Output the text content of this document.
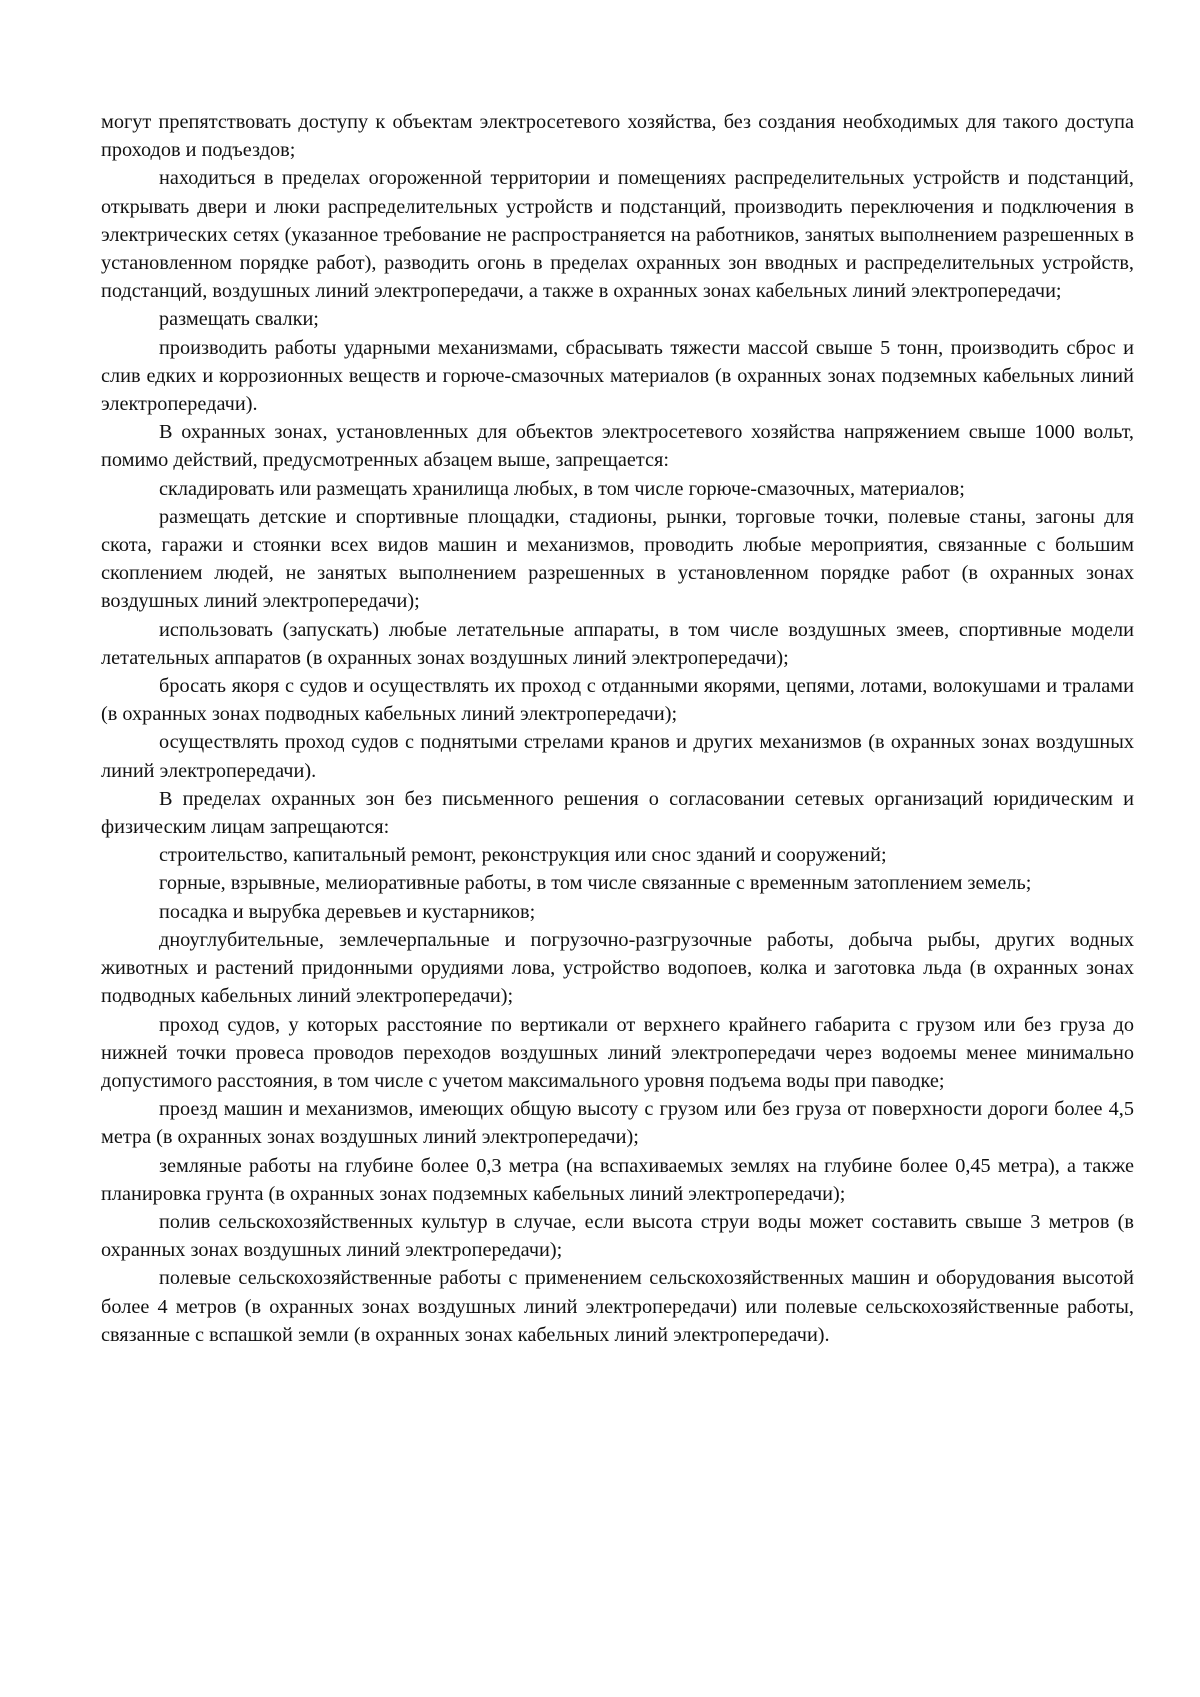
могут препятствовать доступу к объектам электросетевого хозяйства, без создания необходимых для такого доступа проходов и подъездов;

находиться в пределах огороженной территории и помещениях распределительных устройств и подстанций, открывать двери и люки распределительных устройств и подстанций, производить переключения и подключения в электрических сетях (указанное требование не распространяется на работников, занятых выполнением разрешенных в установленном порядке работ), разводить огонь в пределах охранных зон вводных и распределительных устройств, подстанций, воздушных линий электропередачи, а также в охранных зонах кабельных линий электропередачи;

размещать свалки;

производить работы ударными механизмами, сбрасывать тяжести массой свыше 5 тонн, производить сброс и слив едких и коррозионных веществ и горюче-смазочных материалов (в охранных зонах подземных кабельных линий электропередачи).

В охранных зонах, установленных для объектов электросетевого хозяйства напряжением свыше 1000 вольт, помимо действий, предусмотренных абзацем выше, запрещается:

складировать или размещать хранилища любых, в том числе горюче-смазочных, материалов;

размещать детские и спортивные площадки, стадионы, рынки, торговые точки, полевые станы, загоны для скота, гаражи и стоянки всех видов машин и механизмов, проводить любые мероприятия, связанные с большим скоплением людей, не занятых выполнением разрешенных в установленном порядке работ (в охранных зонах воздушных линий электропередачи);

использовать (запускать) любые летательные аппараты, в том числе воздушных змеев, спортивные модели летательных аппаратов (в охранных зонах воздушных линий электропередачи);

бросать якоря с судов и осуществлять их проход с отданными якорями, цепями, лотами, волокушами и тралами (в охранных зонах подводных кабельных линий электропередачи);

осуществлять проход судов с поднятыми стрелами кранов и других механизмов (в охранных зонах воздушных линий электропередачи).

В пределах охранных зон без письменного решения о согласовании сетевых организаций юридическим и физическим лицам запрещаются:

строительство, капитальный ремонт, реконструкция или снос зданий и сооружений;

горные, взрывные, мелиоративные работы, в том числе связанные с временным затоплением земель;

посадка и вырубка деревьев и кустарников;

дноуглубительные, землечерпальные и погрузочно-разгрузочные работы, добыча рыбы, других водных животных и растений придонными орудиями лова, устройство водопоев, колка и заготовка льда (в охранных зонах подводных кабельных линий электропередачи);

проход судов, у которых расстояние по вертикали от верхнего крайнего габарита с грузом или без груза до нижней точки провеса проводов переходов воздушных линий электропередачи через водоемы менее минимально допустимого расстояния, в том числе с учетом максимального уровня подъема воды при паводке;

проезд машин и механизмов, имеющих общую высоту с грузом или без груза от поверхности дороги более 4,5 метра (в охранных зонах воздушных линий электропередачи);

земляные работы на глубине более 0,3 метра (на вспахиваемых землях на глубине более 0,45 метра), а также планировка грунта (в охранных зонах подземных кабельных линий электропередачи);

полив сельскохозяйственных культур в случае, если высота струи воды может составить свыше 3 метров (в охранных зонах воздушных линий электропередачи);

полевые сельскохозяйственные работы с применением сельскохозяйственных машин и оборудования высотой более 4 метров (в охранных зонах воздушных линий электропередачи) или полевые сельскохозяйственные работы, связанные с вспашкой земли (в охранных зонах кабельных линий электропередачи).
